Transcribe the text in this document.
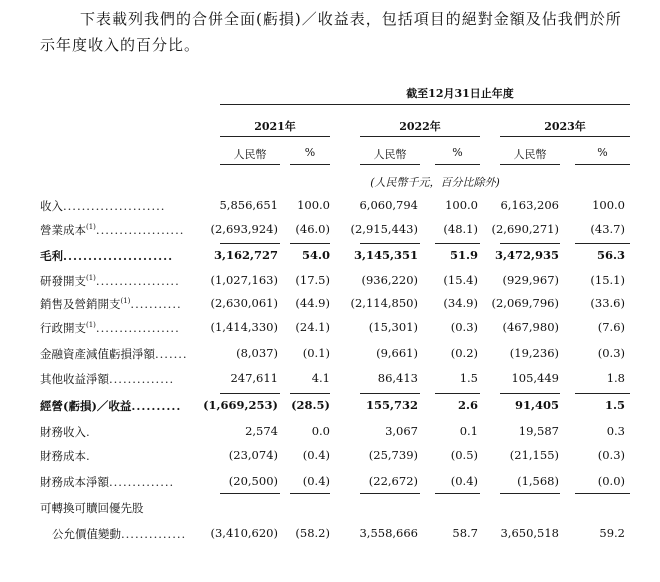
下表載列我們的合併全面(虧損)／收益表，包括項目的絕對金額及佔我們於所
示年度收入的百分比。
截至12月31日止年度
2021年	2022年	2023年
人民幣	%	人民幣	%	人民幣	%
(人民幣千元，百分比除外)
收入......................	5,856,651	100.0	6,060,794	100.0	6,163,206	100.0
營業成本$^{(1)}$...................	(2,693,924)	(46.0)	(2,915,443)	(48.1)	(2,690,271)	(43.7)
毛利......................	3,162,727	54.0	3,145,351	51.9	3,472,935	56.3
研發開支$^{(1)}$..................	(1,027,163)	(17.5)	(936,220)	(15.4)	(929,967)	(15.1)
銷售及營銷開支$^{(1)}$...........	(2,630,061)	(44.9)	(2,114,850)	(34.9)	(2,069,796)	(33.6)
行政開支$^{(1)}$..................	(1,414,330)	(24.1)	(15,301)	(0.3)	(467,980)	(7.6)
金融資產減值虧損淨額.......	(8,037)	(0.1)	(9,661)	(0.2)	(19,236)	(0.3)
其他收益淨額..............	247,611	4.1	86,413	1.5	105,449	1.8
經營(虧損)／收益..........	(1,669,253)	(28.5)	155,732	2.6	91,405	1.5
財務收入.	2,574	0.0	3,067	0.1	19,587	0.3
財務成本.	(23,074)	(0.4)	(25,739)	(0.5)	(21,155)	(0.3)
財務成本淨額..............	(20,500)	(0.4)	(22,672)	(0.4)	(1,568)	(0.0)
可轉換可贖回優先股
公允價值變動..............	(3,410,620)	(58.2)	3,558,666	58.7	3,650,518	59.2
